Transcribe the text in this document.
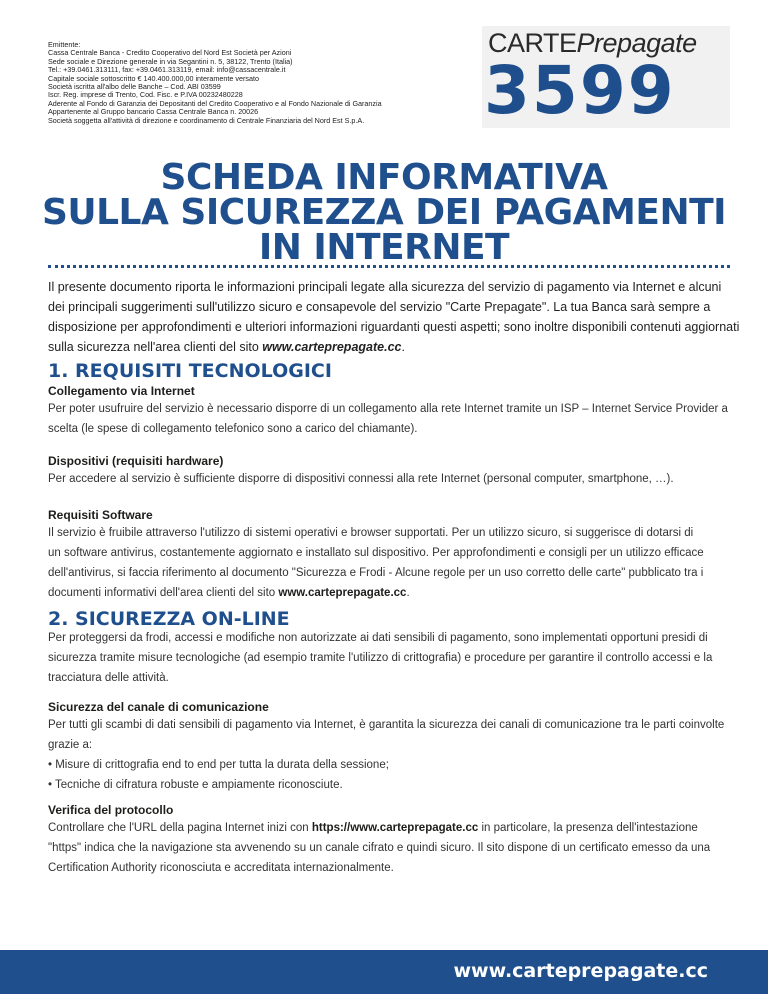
Emittente:
Cassa Centrale Banca - Credito Cooperativo del Nord Est Società per Azioni
Sede sociale e Direzione generale in via Segantini n. 5, 38122, Trento (Italia)
Tel.: +39.0461.313111, fax: +39.0461.313119, email: info@cassacentrale.it
Capitale sociale sottoscritto € 140.400.000,00 interamente versato
Società iscritta all'albo delle Banche – Cod. ABI 03599
Iscr. Reg. imprese di Trento, Cod. Fisc. e P.IVA 00232480228
Aderente al Fondo di Garanzia dei Depositanti del Credito Cooperativo e al Fondo Nazionale di Garanzia
Appartenente al Gruppo bancario Cassa Centrale Banca n. 20026
Società soggetta all'attività di direzione e coordinamento di Centrale Finanziaria del Nord Est S.p.A.
CARTEPrepagate
3599
SCHEDA INFORMATIVA
SULLA SICUREZZA DEI PAGAMENTI
IN INTERNET
Il presente documento riporta le informazioni principali legate alla sicurezza del servizio di pagamento via Internet e alcuni
dei principali suggerimenti sull'utilizzo sicuro e consapevole del servizio "Carte Prepagate". La tua Banca sarà sempre a
disposizione per approfondimenti e ulteriori informazioni riguardanti questi aspetti; sono inoltre disponibili contenuti aggiornati
sulla sicurezza nell'area clienti del sito www.carteprepagate.cc.
1. REQUISITI TECNOLOGICI
Collegamento via Internet
Per poter usufruire del servizio è necessario disporre di un collegamento alla rete Internet tramite un ISP – Internet Service Provider a
scelta (le spese di collegamento telefonico sono a carico del chiamante).
Dispositivi (requisiti hardware)
Per accedere al servizio è sufficiente disporre di dispositivi connessi alla rete Internet (personal computer, smartphone, …).
Requisiti Software
Il servizio è fruibile attraverso l'utilizzo di sistemi operativi e browser supportati. Per un utilizzo sicuro, si suggerisce di dotarsi di
un software antivirus, costantemente aggiornato e installato sul dispositivo. Per approfondimenti e consigli per un utilizzo efficace
dell'antivirus, si faccia riferimento al documento "Sicurezza e Frodi - Alcune regole per un uso corretto delle carte" pubblicato tra i
documenti informativi dell'area clienti del sito www.carteprepagate.cc.
2. SICUREZZA ON-LINE
Per proteggersi da frodi, accessi e modifiche non autorizzate ai dati sensibili di pagamento, sono implementati opportuni presidi di
sicurezza tramite misure tecnologiche (ad esempio tramite l'utilizzo di crittografia) e procedure per garantire il controllo accessi e la
tracciatura delle attività.
Sicurezza del canale di comunicazione
Per tutti gli scambi di dati sensibili di pagamento via Internet, è garantita la sicurezza dei canali di comunicazione tra le parti coinvolte
grazie a:
• Misure di crittografia end to end per tutta la durata della sessione;
• Tecniche di cifratura robuste e ampiamente riconosciute.
Verifica del protocollo
Controllare che l'URL della pagina Internet inizi con https://www.carteprepagate.cc in particolare, la presenza dell'intestazione
"https" indica che la navigazione sta avvenendo su un canale cifrato e quindi sicuro. Il sito dispone di un certificato emesso da una
Certification Authority riconosciuta e accreditata internazionalmente.
www.carteprepagate.cc
